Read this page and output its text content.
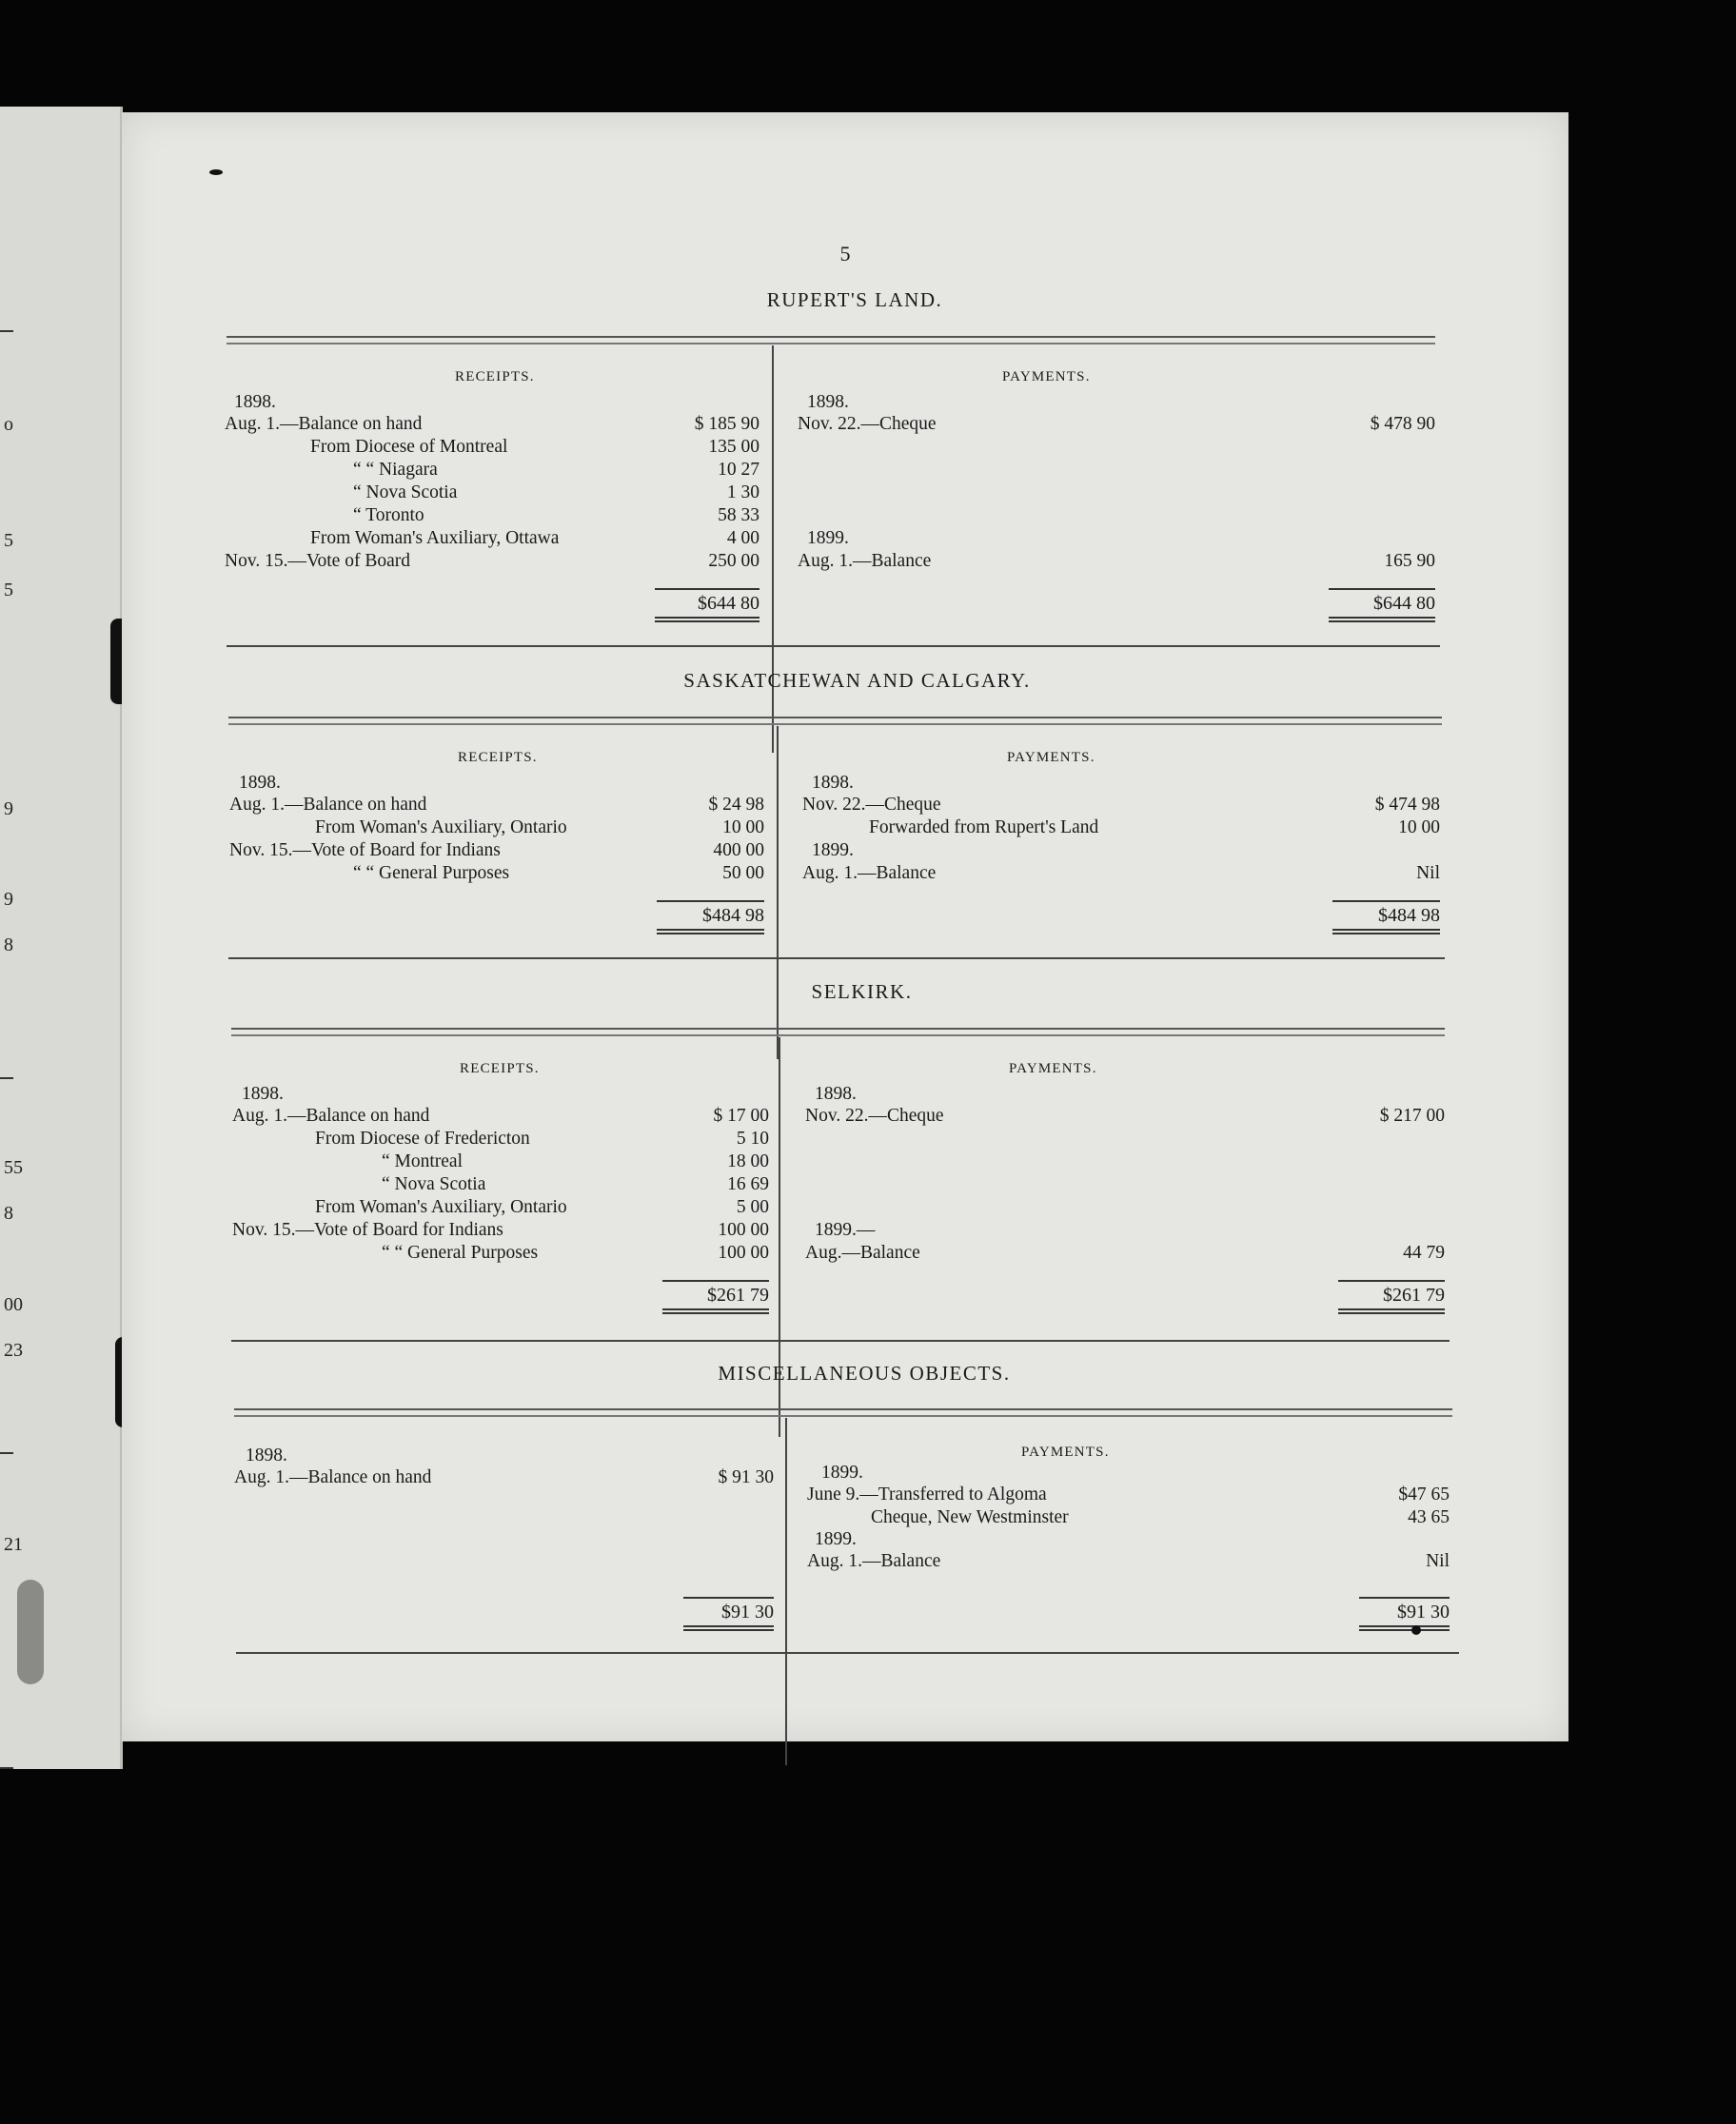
o
5
5
9
9
8
55
8
00
23
21
5
RUPERT'S LAND.
RECEIPTS.	PAYMENTS.
1898.
Aug. 1.—Balance on hand	$ 185 90
From Diocese of Montreal	135 00
“ “ Niagara	10 27
“ Nova Scotia	1 30
“ Toronto	58 33
From Woman's Auxiliary, Ottawa	4 00
Nov. 15.—Vote of Board	250 00
$644 80
1898.
Nov. 22.—Cheque	$ 478 90
1899.
Aug. 1.—Balance	165 90
$644 80
SASKATCHEWAN AND CALGARY.
RECEIPTS.	PAYMENTS.
1898.
Aug. 1.—Balance on hand	$ 24 98
From Woman's Auxiliary, Ontario	10 00
Nov. 15.—Vote of Board for Indians	400 00
“ “ General Purposes	50 00
$484 98
1898.
Nov. 22.—Cheque	$ 474 98
Forwarded from Rupert's Land	10 00
1899.
Aug. 1.—Balance	Nil
$484 98
SELKIRK.
RECEIPTS.	PAYMENTS.
1898.
Aug. 1.—Balance on hand	$ 17 00
From Diocese of Fredericton	5 10
“ Montreal	18 00
“ Nova Scotia	16 69
From Woman's Auxiliary, Ontario	5 00
Nov. 15.—Vote of Board for Indians	100 00
“ “ General Purposes	100 00
$261 79
1898.
Nov. 22.—Cheque	$ 217 00
1899.—
Aug.—Balance	44 79
$261 79
MISCELLANEOUS OBJECTS.
PAYMENTS.
1898.
Aug. 1.—Balance on hand	$ 91 30
$91 30
1899.
June 9.—Transferred to Algoma	$47 65
Cheque, New Westminster	43 65
1899.
Aug. 1.—Balance	Nil
$91 30
